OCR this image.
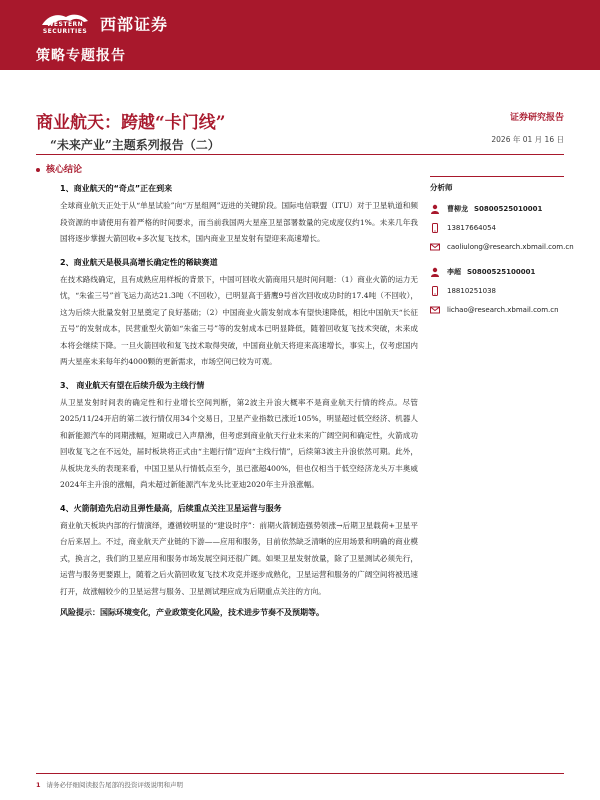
WESTERN SECURITIES 西部证券
策略专题报告
商业航天：跨越“卡门线”
“未来产业”主题系列报告（二）
证券研究报告
2026 年 01 月 16 日
核心结论
1、商业航天的“奇点”正在到来
全球商业航天正处于从“单星试验”向“万星组网”迈进的关键阶段。国际电信联盟（ITU）对于卫星轨道和频段资源的申请使用有着严格的时间要求，而当前我国两大星座卫星部署数量的完成度仅约1%。未来几年我国将逐步掌握大箭回收+多次复飞技术，国内商业卫星发射有望迎来高速增长。
2、商业航天是极具高增长确定性的稀缺赛道
在技术路线确定，且有成熟应用样板的背景下，中国可回收火箭商用只是时间问题：（1）商业火箭的运力无忧，“朱雀三号”首飞运力高达21.3吨（不回收），已明显高于猎鹰9号首次回收成功时的17.4吨（不回收），这为后续大批量发射卫星奠定了良好基础；（2）中国商业火箭发射成本有望快速降低，相比中国航天“长征五号”的发射成本，民营重型火箭如“朱雀三号”等的发射成本已明显降低，随着回收复飞技术突破，未来成本将会继续下降。一旦火箭回收和复飞技术取得突破，中国商业航天将迎来高速增长，事实上，仅考虑国内两大星座未来每年约4000颗的更新需求，市场空间已较为可观。
3、 商业航天有望在后续升级为主线行情
从卫星发射时间表的确定性和行业增长空间判断，第2波主升浪大概率不是商业航天行情的终点。尽管2025/11/24开启的第二波行情仅用34个交易日，卫星产业指数已涨近105%，明显超过低空经济、机器人和新能源汽车的同期涨幅，短期或已入声鼎沸，但考虑到商业航天行业未来的广阔空间和确定性，火箭成功回收复飞之在不远处，届时板块将正式由“主题行情”迈向“主线行情”，后续第3波主升浪依然可期。此外，从板块龙头的表现来看，中国卫星从行情低点至今，虽已涨超400%，但也仅相当于低空经济龙头万丰奥威2024年主升浪的涨幅，尚未超过新能源汽车龙头比亚迪2020年主升浪涨幅。
4、火箭制造先启动且弹性最高，后续重点关注卫星运营与服务
商业航天板块内部的行情演绎，遵循较明显的“建设时序”：前期火箭制造强势领涨→后期卫星载荷+卫星平台后来居上。不过，商业航天产业链的下游——应用和服务，目前依然缺乏清晰的应用场景和明确的商业模式，换言之，我们的卫星应用和服务市场发展空间还很广阔。如果卫星发射放量，除了卫星测试必须先行，运营与服务更要跟上，随着之后火箭回收复飞技术攻克并逐步成熟化，卫星运营和服务的广阔空间将被迅速打开，故涨幅较少的卫星运营与服务、卫星测试理应成为后期重点关注的方向。
风险提示：国际环境变化，产业政策变化风险，技术进步节奏不及预期等。
分析师
曹柳龙 S0800525010001
13817664054
caoliulong@research.xbmail.com.cn
李超 S0800525100001
18810251038
lichao@research.xbmail.com.cn
1 请务必仔细阅读报告尾部的投资评级说明和声明
